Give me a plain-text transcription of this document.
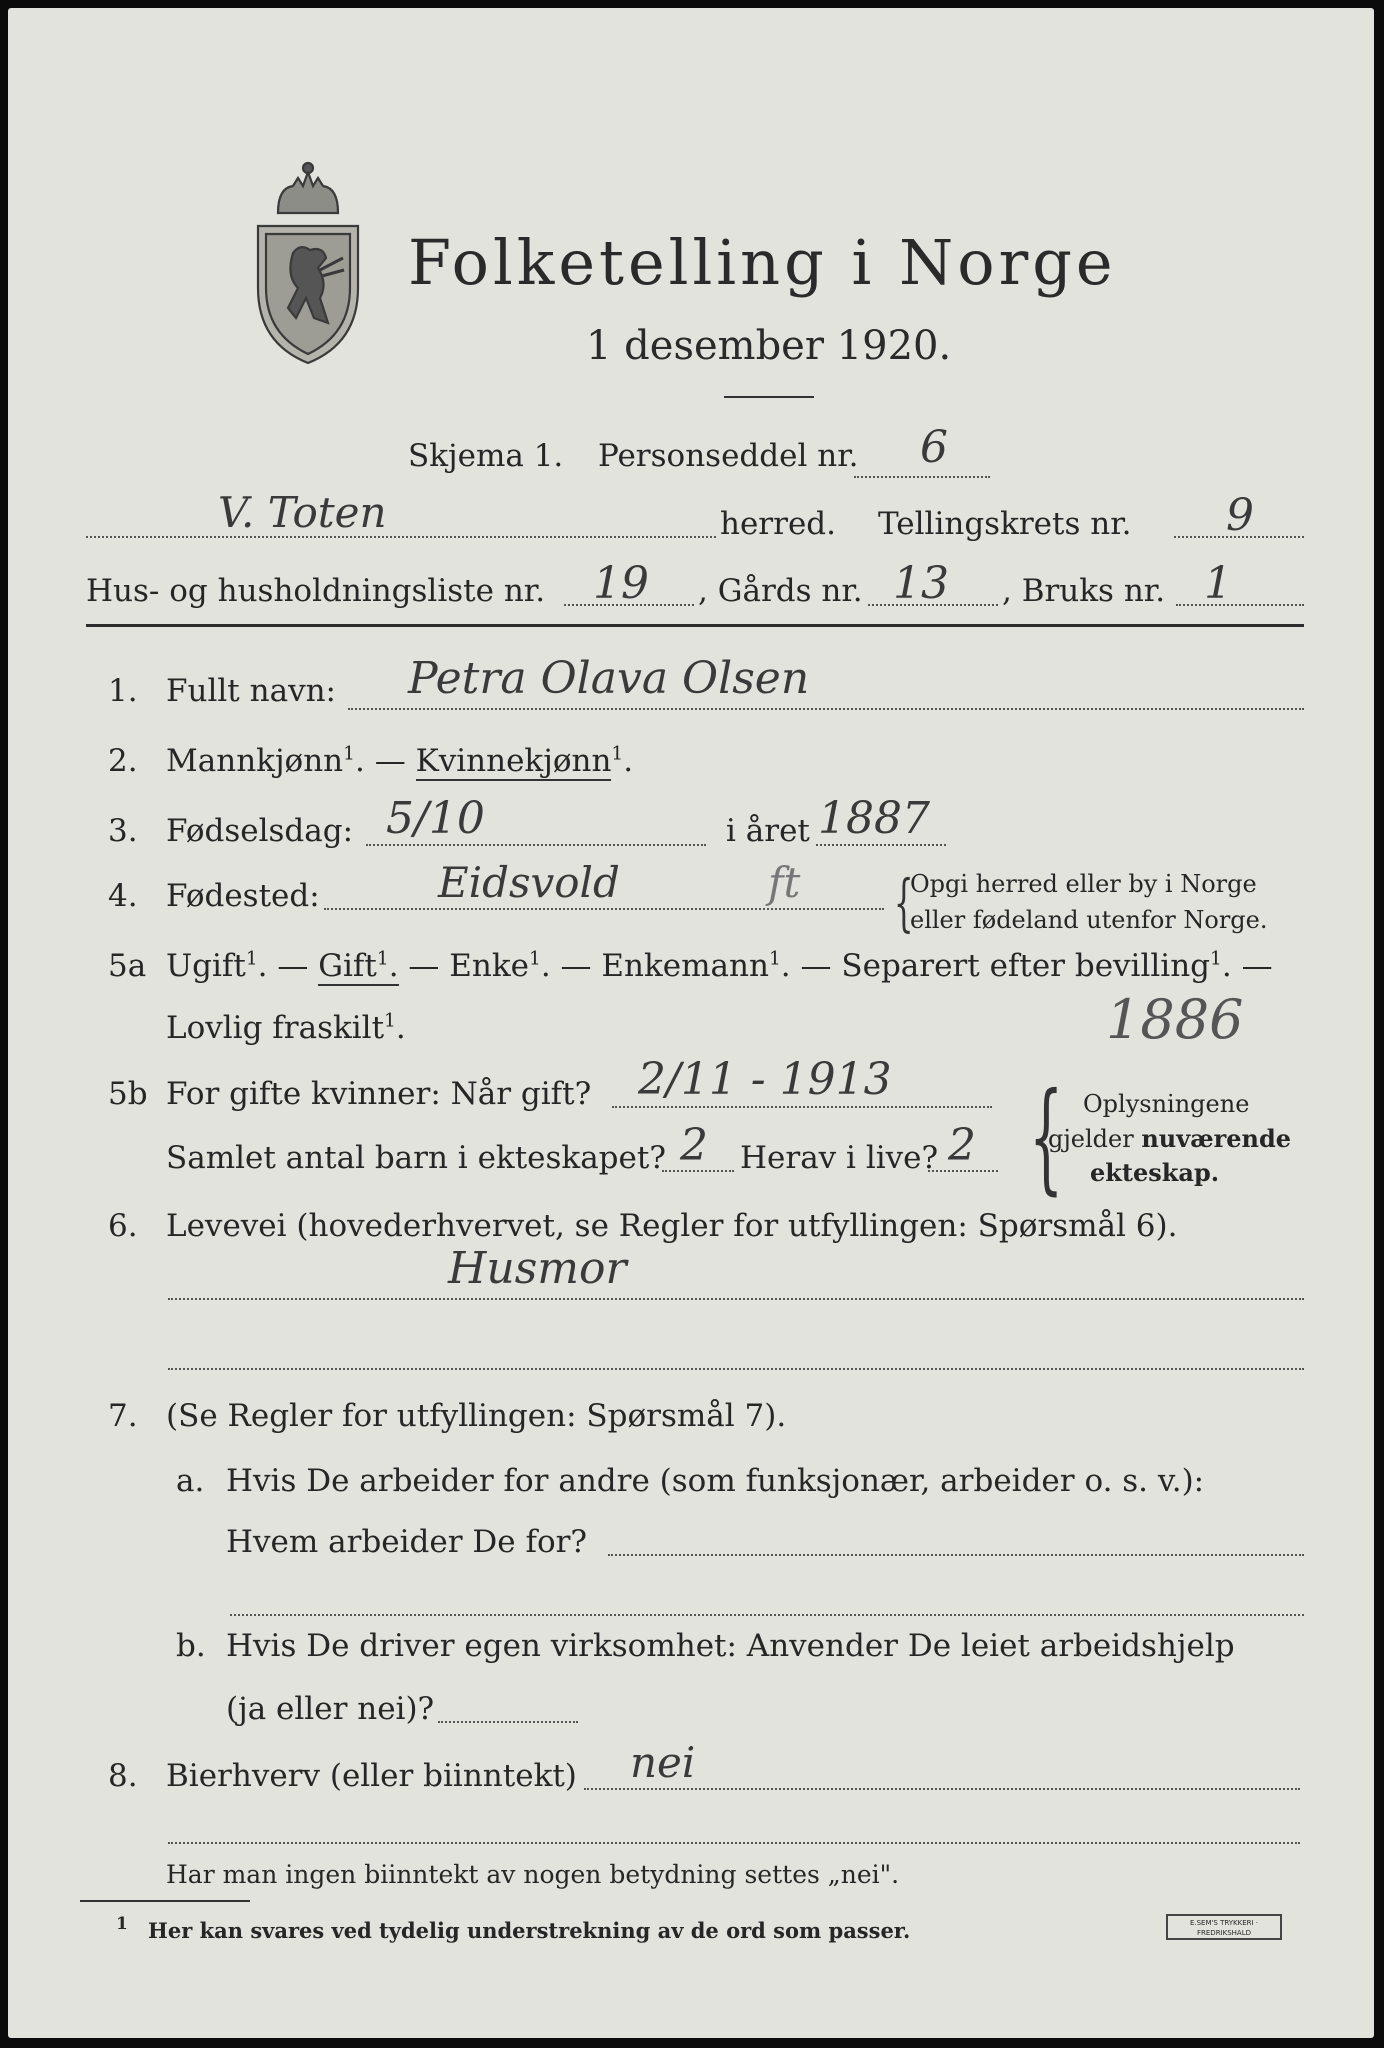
Folketelling i Norge
1 desember 1920.
Skjema 1. Personseddel nr. 6
V. Toten	herred. Tellingskrets nr. 9
Hus- og husholdningsliste nr. 19 , Gårds nr. 13 , Bruks nr. 1
1. Fullt navn: Petra Olava Olsen
2. Mannkjønn$^1$. — Kvinnekjønn$^1$.
3. Fødselsdag: 5/10	i året 1887
4. Fødested:	Eidsvold	ft {
Opgi herred eller by i Norge
eller fødeland utenfor Norge.
5a Ugift$^1$. — Gift$^1$. — Enke$^1$. — Enkemann$^1$. — Separert efter bevilling$^1$. —
Lovlig fraskilt$^1$.	1886
5b For gifte kvinner: Når gift? 2/11 - 1913
Samlet antal barn i ekteskapet? 2 Herav i live? 2 { Oplysningene
gjelder nuværende
ekteskap.
6. Levevei (hovederhvervet, se Regler for utfyllingen: Spørsmål 6).
Husmor
7. (Se Regler for utfyllingen: Spørsmål 7).
a. Hvis De arbeider for andre (som funksjonær, arbeider o. s. v.):
Hvem arbeider De for?
b. Hvis De driver egen virksomhet: Anvender De leiet arbeidshjelp
(ja eller nei)?
8. Bierhverv (eller biinntekt) nei
Har man ingen biinntekt av nogen betydning settes „nei".
1 Her kan svares ved tydelig understrekning av de ord som passer.	E.SEM'S TRYKKERI · FREDRIKSHALD
